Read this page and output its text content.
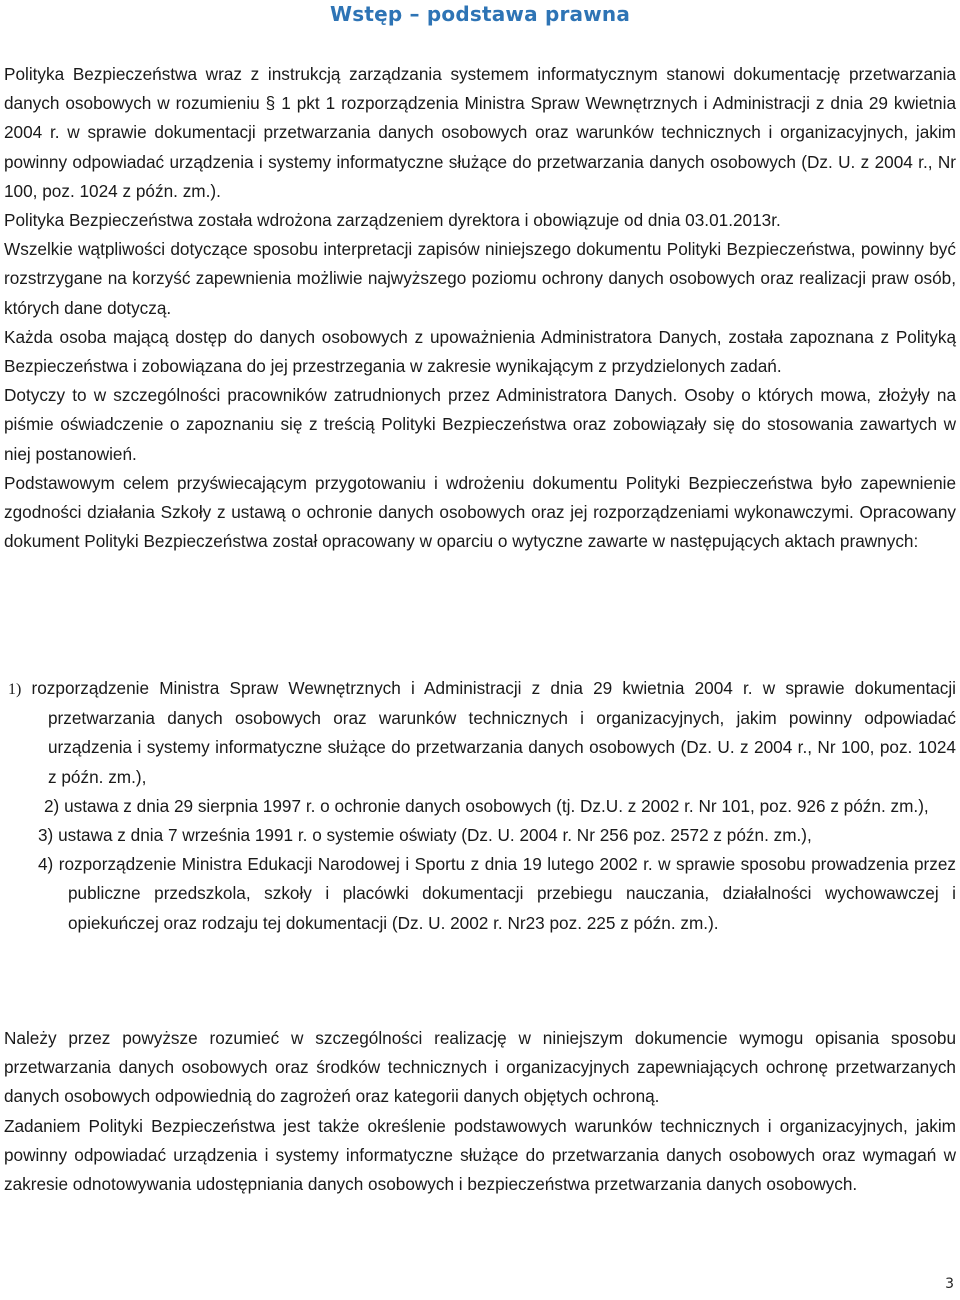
Wstęp – podstawa prawna

Polityka Bezpieczeństwa wraz z instrukcją zarządzania systemem informatycznym stanowi dokumentację przetwarzania danych osobowych w rozumieniu § 1 pkt 1 rozporządzenia Ministra Spraw Wewnętrznych i Administracji z dnia 29 kwietnia 2004 r. w sprawie dokumentacji przetwarzania danych osobowych oraz warunków technicznych i organizacyjnych, jakim powinny odpowiadać urządzenia i systemy informatyczne służące do przetwarzania danych osobowych (Dz. U. z 2004 r., Nr 100, poz. 1024 z późn. zm.).

Polityka Bezpieczeństwa została wdrożona zarządzeniem dyrektora i obowiązuje od dnia 03.01.2013r.

Wszelkie wątpliwości dotyczące sposobu interpretacji zapisów niniejszego dokumentu Polityki Bezpieczeństwa, powinny być rozstrzygane na korzyść zapewnienia możliwie najwyższego poziomu ochrony danych osobowych oraz realizacji praw osób, których dane dotyczą.

Każda osoba mającą dostęp do danych osobowych z upoważnienia Administratora Danych, została zapoznana z Polityką Bezpieczeństwa i zobowiązana do jej przestrzegania w zakresie wynikającym z przydzielonych zadań.

Dotyczy to w szczególności pracowników zatrudnionych przez Administratora Danych. Osoby o których mowa, złożyły na piśmie oświadczenie o zapoznaniu się z treścią Polityki Bezpieczeństwa oraz zobowiązały się do stosowania zawartych w niej postanowień.

Podstawowym celem przyświecającym przygotowaniu i wdrożeniu dokumentu Polityki Bezpieczeństwa było zapewnienie zgodności działania Szkoły z ustawą o ochronie danych osobowych oraz jej rozporządzeniami wykonawczymi. Opracowany dokument Polityki Bezpieczeństwa został opracowany w oparciu o wytyczne zawarte w następujących aktach prawnych:

1) rozporządzenie Ministra Spraw Wewnętrznych i Administracji z dnia 29 kwietnia 2004 r. w sprawie dokumentacji przetwarzania danych osobowych oraz warunków technicznych i organizacyjnych, jakim powinny odpowiadać urządzenia i systemy informatyczne służące do przetwarzania danych osobowych (Dz. U. z 2004 r., Nr 100, poz. 1024 z późn. zm.),
2) ustawa z dnia 29 sierpnia 1997 r. o ochronie danych osobowych (tj. Dz.U. z 2002 r. Nr 101, poz. 926 z późn. zm.),
3) ustawa z dnia 7 września 1991 r. o systemie oświaty (Dz. U. 2004 r. Nr 256 poz. 2572 z późn. zm.),
4) rozporządzenie Ministra Edukacji Narodowej i Sportu z dnia 19 lutego 2002 r. w sprawie sposobu prowadzenia przez publiczne przedszkola, szkoły i placówki dokumentacji przebiegu nauczania, działalności wychowawczej i opiekuńczej oraz rodzaju tej dokumentacji (Dz. U. 2002 r. Nr23 poz. 225 z późn. zm.).

Należy przez powyższe rozumieć w szczególności realizację w niniejszym dokumencie wymogu opisania sposobu przetwarzania danych osobowych oraz środków technicznych i organizacyjnych zapewniających ochronę przetwarzanych danych osobowych odpowiednią do zagrożeń oraz kategorii danych objętych ochroną.

Zadaniem Polityki Bezpieczeństwa jest także określenie podstawowych warunków technicznych i organizacyjnych, jakim powinny odpowiadać urządzenia i systemy informatyczne służące do przetwarzania danych osobowych oraz wymagań w zakresie odnotowywania udostępniania danych osobowych i bezpieczeństwa przetwarzania danych osobowych.

3
